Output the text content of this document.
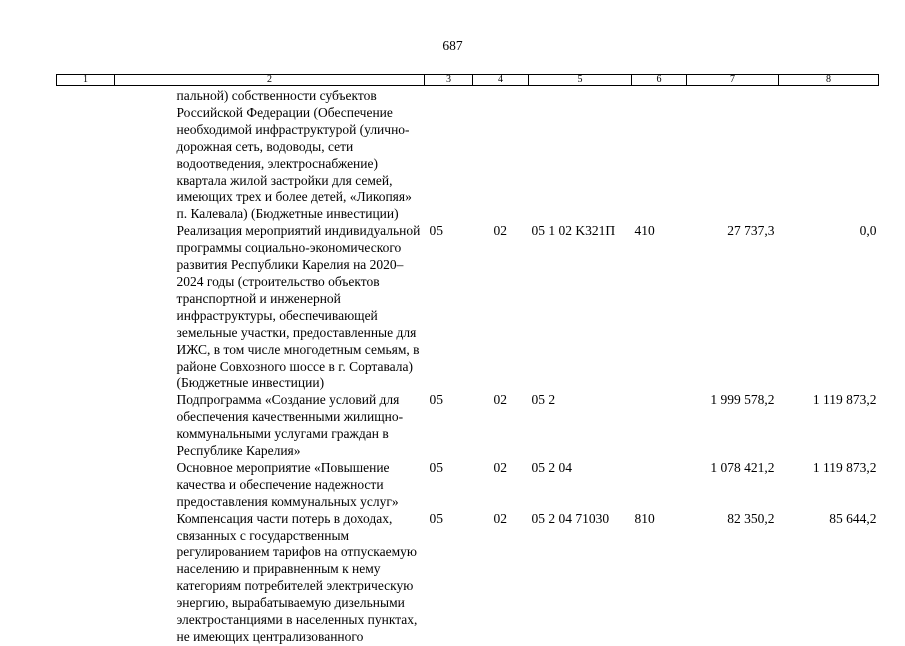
687
1	2	3	4	5	6	7	8
	пальной) собственности субъектов Российской Федерации (Обеспечение необходимой инфраструктурой (улично-дорожная сеть, водоводы, сети водоотведения, электроснабжение) квартала жилой застройки для семей, имеющих трех и более детей, «Ликопяя» п. Калевала) (Бюджетные инвестиции)						
	Реализация мероприятий индивидуальной программы социально-экономического развития Республики Карелия на 2020–2024 годы (строительство объектов транспортной и инженерной инфраструктуры, обеспечивающей земельные участки, предоставленные для ИЖС, в том числе многодетным семьям, в районе Совхозного шоссе в г. Сортавала) (Бюджетные инвестиции)	05	02	05 1 02 K321П	410	27 737,3	0,0
	Подпрограмма «Создание условий для обеспечения качественными жилищно-коммунальными услугами граждан в Республике Карелия»	05	02	05 2		1 999 578,2	1 119 873,2
	Основное мероприятие «Повышение качества и обеспечение надежности предоставления коммунальных услуг»	05	02	05 2 04		1 078 421,2	1 119 873,2
	Компенсация части потерь в доходах, связанных с государственным регулированием тарифов на отпускаемую населению и приравненным к нему категориям потребителей электрическую энергию, вырабатываемую дизельными электростанциями в населенных пунктах, не имеющих централизованного	05	02	05 2 04 71030	810	82 350,2	85 644,2
